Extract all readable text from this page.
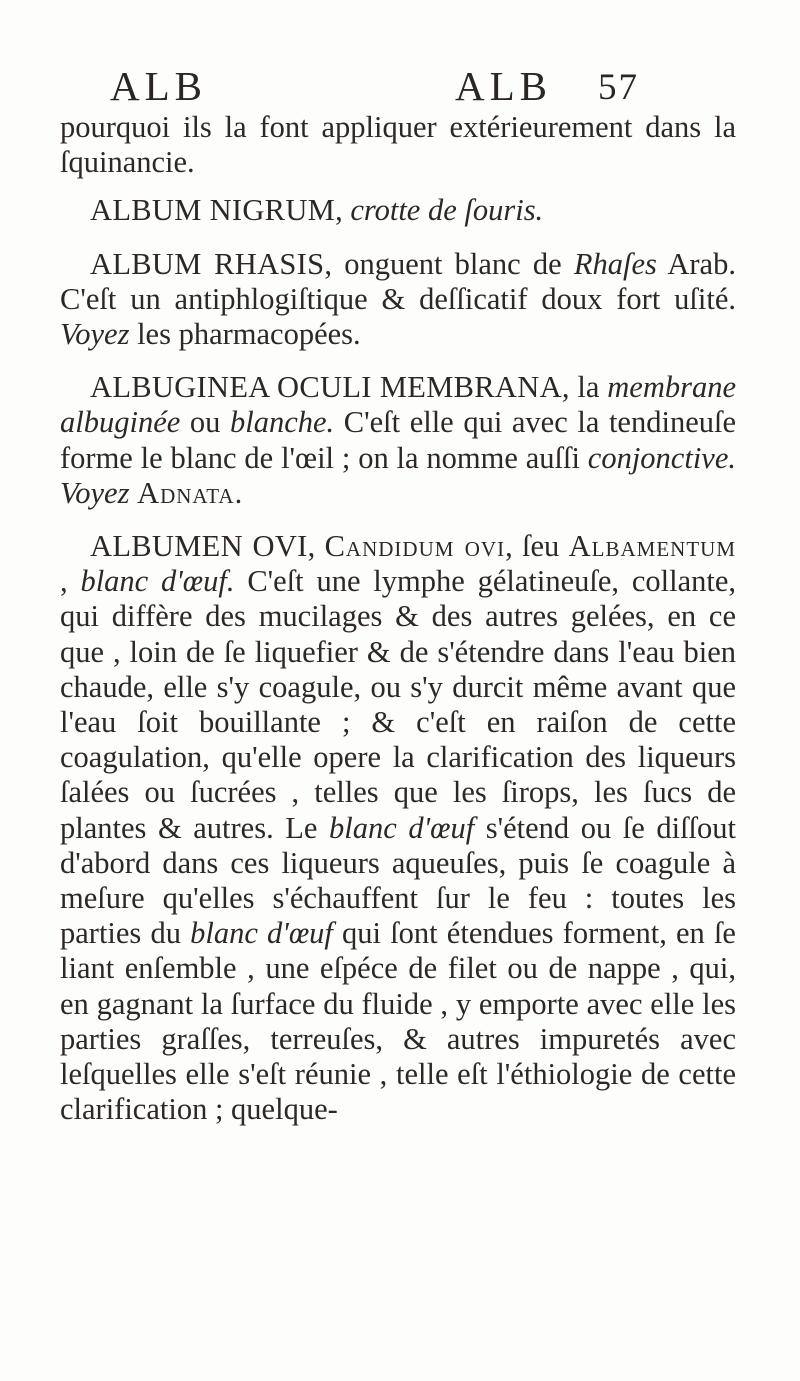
ALB	ALB 57

pourquoi ils la font appliquer extérieurement dans la ſquinancie.

ALBUM NIGRUM, crotte de ſouris.

ALBUM RHASIS, onguent blanc de Rhaſes Arab. C'eſt un antiphlogiſtique & deſſicatif doux fort uſité. Voyez les pharmacopées.

ALBUGINEA OCULI MEMBRANA, la membrane albuginée ou blanche. C'eſt elle qui avec la tendineuſe forme le blanc de l'œil ; on la nomme auſſi conjonctive. Voyez Adnata.

ALBUMEN OVI, Candidum ovi, ſeu Albamentum , blanc d'œuf. C'eſt une lymphe gélatineuſe, collante, qui diffère des mucilages & des autres gelées, en ce que , loin de ſe liquefier & de s'étendre dans l'eau bien chaude, elle s'y coagule, ou s'y durcit même avant que l'eau ſoit bouillante ; & c'eſt en raiſon de cette coagulation, qu'elle opere la clarification des liqueurs ſalées ou ſucrées , telles que les ſirops, les ſucs de plantes & autres. Le blanc d'œuf s'étend ou ſe diſſout d'abord dans ces liqueurs aqueuſes, puis ſe coagule à meſure qu'elles s'échauffent ſur le feu : toutes les parties du blanc d'œuf qui ſont étendues forment, en ſe liant enſemble , une eſpéce de filet ou de nappe , qui, en gagnant la ſurface du fluide , y emporte avec elle les parties graſſes, terreuſes, & autres impuretés avec leſquelles elle s'eſt réunie , telle eſt l'éthiologie de cette clarification ; quelque-
